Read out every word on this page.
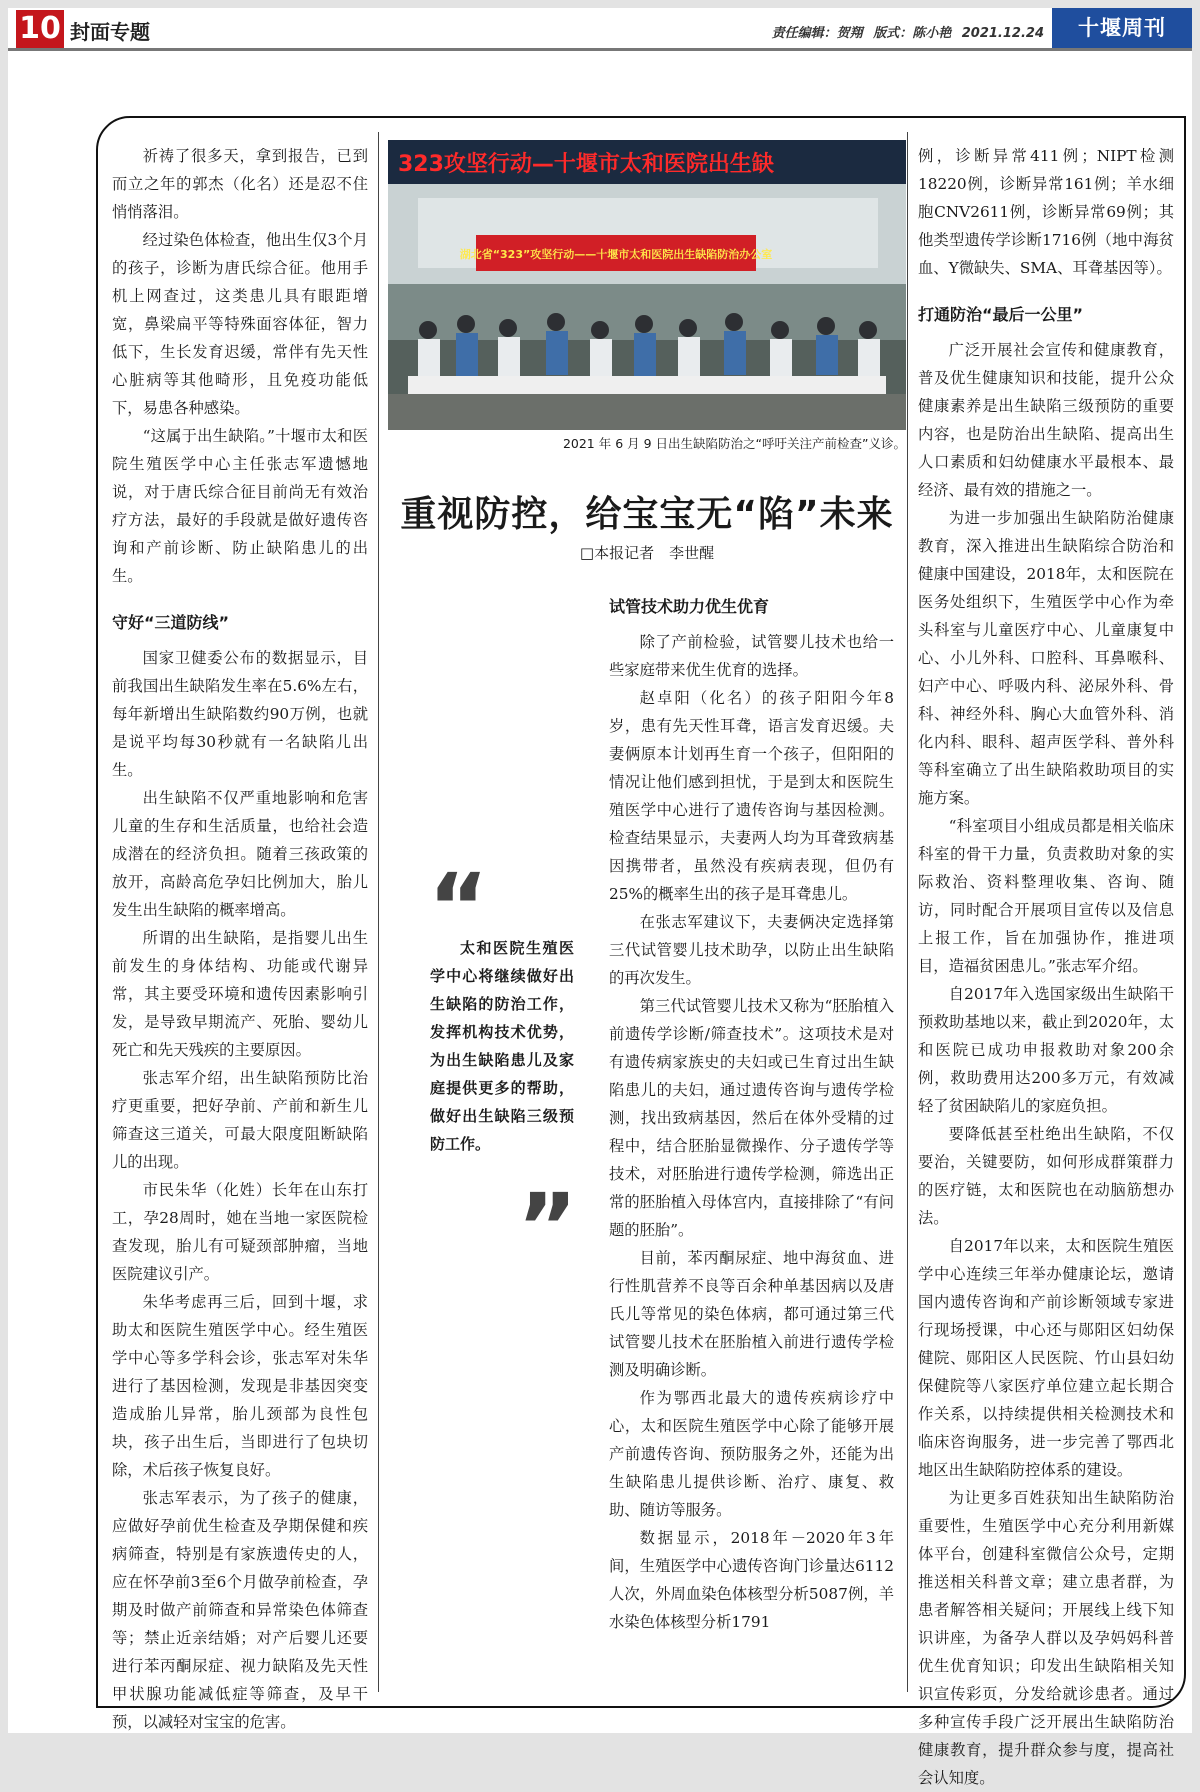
10 封面专题	责任编辑：贺翔 版式：陈小艳 2021.12.24	十堰周刊

祈祷了很多天，拿到报告，已到而立之年的郭杰（化名）还是忍不住悄悄落泪。

经过染色体检查，他出生仅3个月的孩子，诊断为唐氏综合征。他用手机上网查过，这类患儿具有眼距增宽，鼻梁扁平等特殊面容体征，智力低下，生长发育迟缓，常伴有先天性心脏病等其他畸形，且免疫功能低下，易患各种感染。

“这属于出生缺陷。”十堰市太和医院生殖医学中心主任张志军遗憾地说，对于唐氏综合征目前尚无有效治疗方法，最好的手段就是做好遗传咨询和产前诊断、防止缺陷患儿的出生。

守好“三道防线”

国家卫健委公布的数据显示，目前我国出生缺陷发生率在5.6%左右，每年新增出生缺陷数约90万例，也就是说平均每30秒就有一名缺陷儿出生。

出生缺陷不仅严重地影响和危害儿童的生存和生活质量，也给社会造成潜在的经济负担。随着三孩政策的放开，高龄高危孕妇比例加大，胎儿发生出生缺陷的概率增高。

所谓的出生缺陷，是指婴儿出生前发生的身体结构、功能或代谢异常，其主要受环境和遗传因素影响引发，是导致早期流产、死胎、婴幼儿死亡和先天残疾的主要原因。

张志军介绍，出生缺陷预防比治疗更重要，把好孕前、产前和新生儿筛查这三道关，可最大限度阻断缺陷儿的出现。

市民朱华（化姓）长年在山东打工，孕28周时，她在当地一家医院检查发现，胎儿有可疑颈部肿瘤，当地医院建议引产。

朱华考虑再三后，回到十堰，求助太和医院生殖医学中心。经生殖医学中心等多学科会诊，张志军对朱华进行了基因检测，发现是非基因突变造成胎儿异常，胎儿颈部为良性包块，孩子出生后，当即进行了包块切除，术后孩子恢复良好。

张志军表示，为了孩子的健康，应做好孕前优生检查及孕期保健和疾病筛查，特别是有家族遗传史的人，应在怀孕前3至6个月做孕前检查，孕期及时做产前筛查和异常染色体筛查等；禁止近亲结婚；对产后婴儿还要进行苯丙酮尿症、视力缺陷及先天性甲状腺功能减低症等筛查，及早干预，以减轻对宝宝的危害。

323攻坚行动—十堰市太和医院出生缺
湖北省“323”攻坚行动——十堰市太和医院出生缺陷防治办公室
2021 年 6 月 9 日出生缺陷防治之“呼吁关注产前检查”义诊。
重视防控，给宝宝无“陷”未来
□本报记者　李世醒
“
太和医院生殖医学中心将继续做好出生缺陷的防治工作，发挥机构技术优势，为出生缺陷患儿及家庭提供更多的帮助，做好出生缺陷三级预防工作。
”
试管技术助力优生优育

除了产前检验，试管婴儿技术也给一些家庭带来优生优育的选择。

赵卓阳（化名）的孩子阳阳今年8岁，患有先天性耳聋，语言发育迟缓。夫妻俩原本计划再生育一个孩子，但阳阳的情况让他们感到担忧，于是到太和医院生殖医学中心进行了遗传咨询与基因检测。检查结果显示，夫妻两人均为耳聋致病基因携带者，虽然没有疾病表现，但仍有25%的概率生出的孩子是耳聋患儿。

在张志军建议下，夫妻俩决定选择第三代试管婴儿技术助孕，以防止出生缺陷的再次发生。

第三代试管婴儿技术又称为“胚胎植入前遗传学诊断/筛查技术”。这项技术是对有遗传病家族史的夫妇或已生育过出生缺陷患儿的夫妇，通过遗传咨询与遗传学检测，找出致病基因，然后在体外受精的过程中，结合胚胎显微操作、分子遗传学等技术，对胚胎进行遗传学检测，筛选出正常的胚胎植入母体宫内，直接排除了“有问题的胚胎”。

目前，苯丙酮尿症、地中海贫血、进行性肌营养不良等百余种单基因病以及唐氏儿等常见的染色体病，都可通过第三代试管婴儿技术在胚胎植入前进行遗传学检测及明确诊断。

作为鄂西北最大的遗传疾病诊疗中心，太和医院生殖医学中心除了能够开展产前遗传咨询、预防服务之外，还能为出生缺陷患儿提供诊断、治疗、康复、救助、随访等服务。

数据显示，2018年－2020年3年间，生殖医学中心遗传咨询门诊量达6112人次，外周血染色体核型分析5087例，羊水染色体核型分析1791

例，诊断异常411例；NIPT检测18220例，诊断异常161例；羊水细胞CNV2611例，诊断异常69例；其他类型遗传学诊断1716例（地中海贫血、Y微缺失、SMA、耳聋基因等）。

打通防治“最后一公里”

广泛开展社会宣传和健康教育，普及优生健康知识和技能，提升公众健康素养是出生缺陷三级预防的重要内容，也是防治出生缺陷、提高出生人口素质和妇幼健康水平最根本、最经济、最有效的措施之一。

为进一步加强出生缺陷防治健康教育，深入推进出生缺陷综合防治和健康中国建设，2018年，太和医院在医务处组织下，生殖医学中心作为牵头科室与儿童医疗中心、儿童康复中心、小儿外科、口腔科、耳鼻喉科、妇产中心、呼吸内科、泌尿外科、骨科、神经外科、胸心大血管外科、消化内科、眼科、超声医学科、普外科等科室确立了出生缺陷救助项目的实施方案。

“科室项目小组成员都是相关临床科室的骨干力量，负责救助对象的实际救治、资料整理收集、咨询、随访，同时配合开展项目宣传以及信息上报工作，旨在加强协作，推进项目，造福贫困患儿。”张志军介绍。

自2017年入选国家级出生缺陷干预救助基地以来，截止到2020年，太和医院已成功申报救助对象200余例，救助费用达200多万元，有效减轻了贫困缺陷儿的家庭负担。

要降低甚至杜绝出生缺陷，不仅要治，关键要防，如何形成群策群力的医疗链，太和医院也在动脑筋想办法。

自2017年以来，太和医院生殖医学中心连续三年举办健康论坛，邀请国内遗传咨询和产前诊断领域专家进行现场授课，中心还与郧阳区妇幼保健院、郧阳区人民医院、竹山县妇幼保健院等八家医疗单位建立起长期合作关系，以持续提供相关检测技术和临床咨询服务，进一步完善了鄂西北地区出生缺陷防控体系的建设。

为让更多百姓获知出生缺陷防治重要性，生殖医学中心充分利用新媒体平台，创建科室微信公众号，定期推送相关科普文章；建立患者群，为患者解答相关疑问；开展线上线下知识讲座，为备孕人群以及孕妈妈科普优生优育知识；印发出生缺陷相关知识宣传彩页，分发给就诊患者。通过多种宣传手段广泛开展出生缺陷防治健康教育，提升群众参与度，提高社会认知度。
